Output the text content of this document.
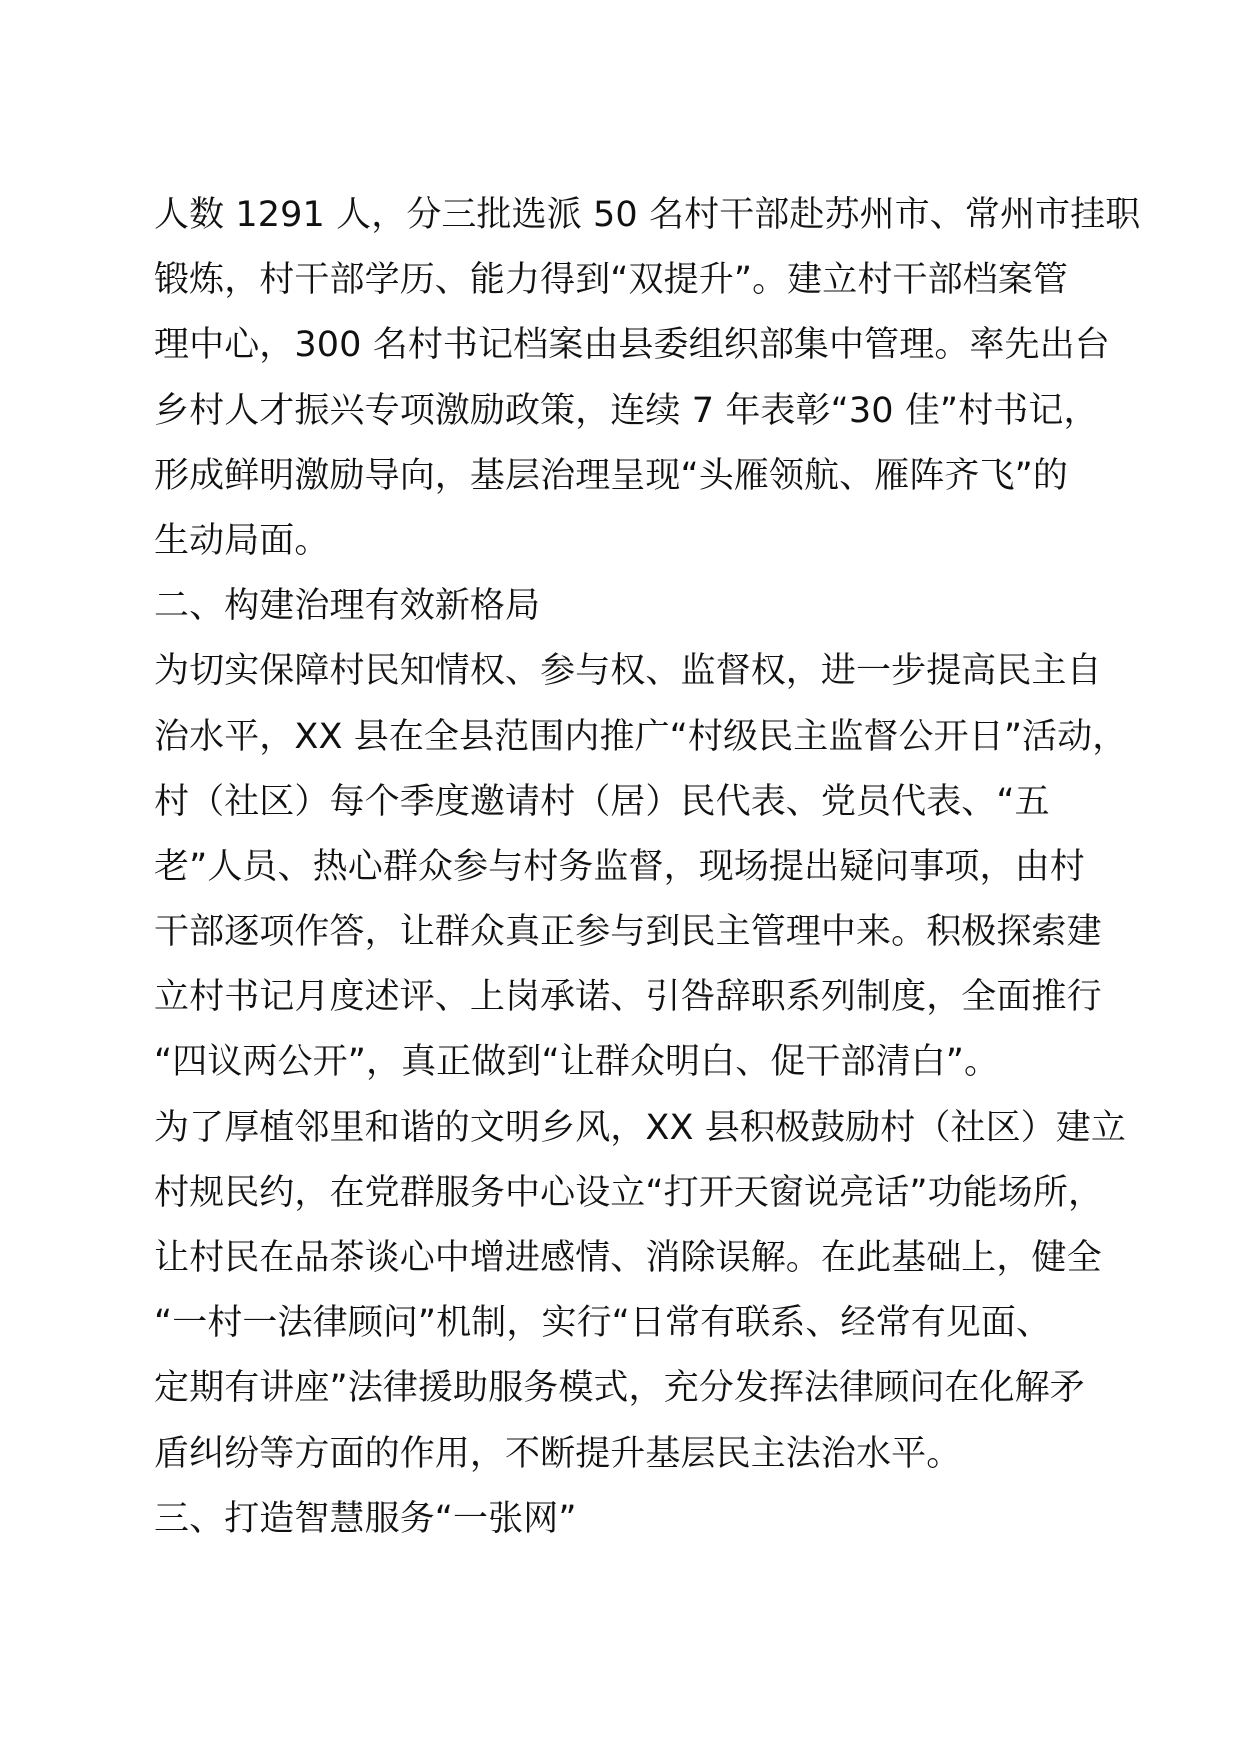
人数 1291 人，分三批选派 50 名村干部赴苏州市、常州市挂职
锻炼，村干部学历、能力得到“双提升”。建立村干部档案管
理中心，300 名村书记档案由县委组织部集中管理。率先出台
乡村人才振兴专项激励政策，连续 7 年表彰“30 佳”村书记，
形成鲜明激励导向，基层治理呈现“头雁领航、雁阵齐飞”的
生动局面。
二、构建治理有效新格局
为切实保障村民知情权、参与权、监督权，进一步提高民主自
治水平，XX 县在全县范围内推广“村级民主监督公开日”活动，
村（社区）每个季度邀请村（居）民代表、党员代表、“五
老”人员、热心群众参与村务监督，现场提出疑问事项，由村
干部逐项作答，让群众真正参与到民主管理中来。积极探索建
立村书记月度述评、上岗承诺、引咎辞职系列制度，全面推行
“四议两公开”，真正做到“让群众明白、促干部清白”。
为了厚植邻里和谐的文明乡风，XX 县积极鼓励村（社区）建立
村规民约，在党群服务中心设立“打开天窗说亮话”功能场所，
让村民在品茶谈心中增进感情、消除误解。在此基础上，健全
“一村一法律顾问”机制，实行“日常有联系、经常有见面、
定期有讲座”法律援助服务模式，充分发挥法律顾问在化解矛
盾纠纷等方面的作用，不断提升基层民主法治水平。
三、打造智慧服务“一张网”
